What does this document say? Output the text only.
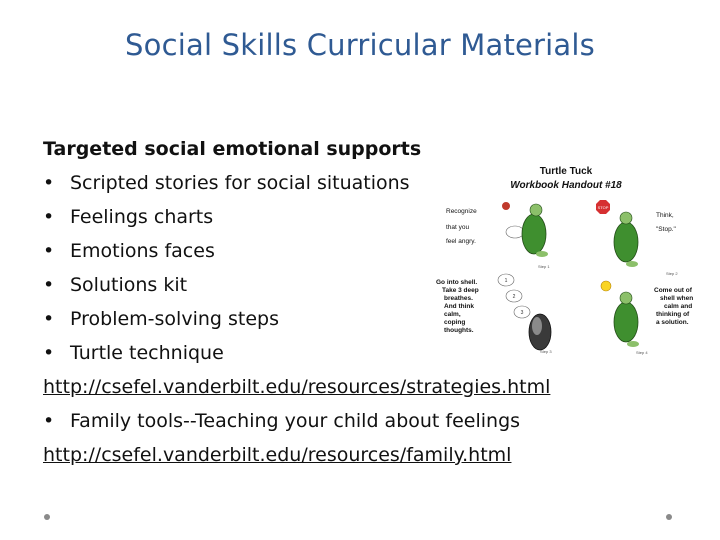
Social Skills Curricular Materials
Targeted social emotional supports
• Scripted stories for social situations
• Feelings charts
• Emotions faces
• Solutions kit
• Problem-solving steps
• Turtle technique
http://csefel.vanderbilt.edu/resources/strategies.html
• Family tools--Teaching your child about feelings
http://csefel.vanderbilt.edu/resources/family.html
Turtle Tuck
Workbook Handout #18
Recognize
that you
feel angry.
Step 1
STOP
Step 2
Think,
"Stop."
Go into shell.
Take 3 deep
breathes.
And think
calm,
coping
thoughts.
1
2
3
Step 3	Step 4
Come out of
shell when
calm and
thinking of
a solution.
